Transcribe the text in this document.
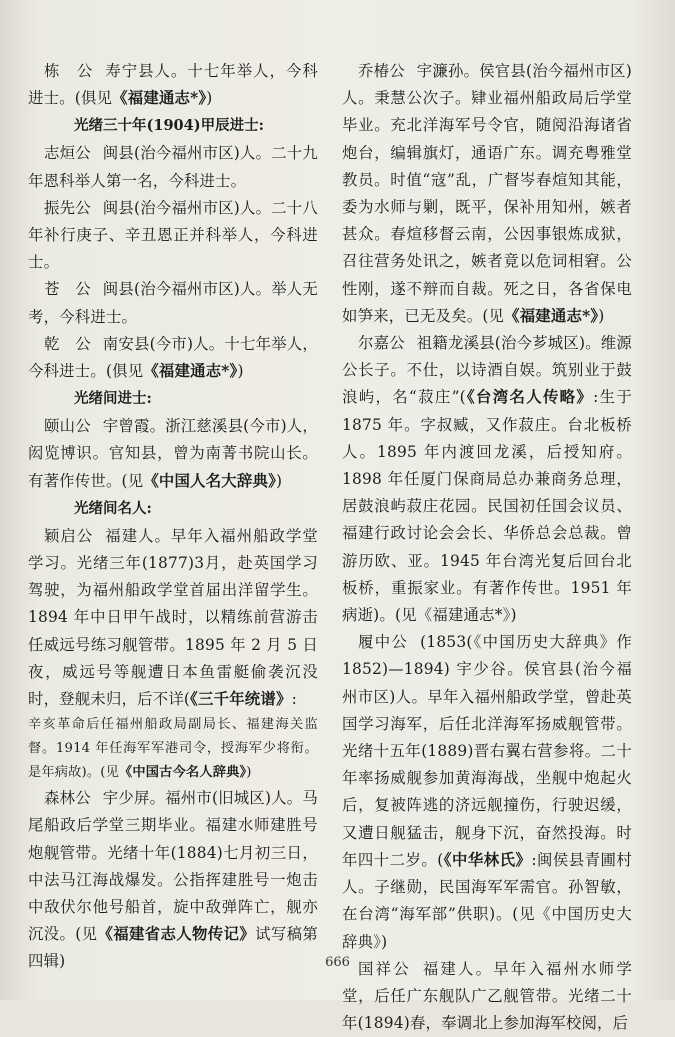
栋　公 寿宁县人。十七年举人，今科进士。(俱见《福建通志*》)

光绪三十年(1904)甲辰进士:

志烜公 闽县(治今福州市区)人。二十九年恩科举人第一名，今科进士。

振先公 闽县(治今福州市区)人。二十八年补行庚子、辛丑恩正并科举人，今科进士。

苍　公 闽县(治今福州市区)人。举人无考，今科进士。

乾　公 南安县(今市)人。十七年举人，今科进士。(俱见《福建通志*》)

光绪间进士:

颐山公 宇曾霞。浙江慈溪县(今市)人，闳览博识。官知县，曾为南菁书院山长。有著作传世。(见《中国人名大辞典》)

光绪间名人:

颖启公 福建人。早年入福州船政学堂学习。光绪三年(1877)3月，赴英国学习驾驶，为福州船政学堂首届出洋留学生。1894 年中日甲午战时，以精练前营游击任威远号练习舰管带。1895 年 2 月 5 日夜，威远号等舰遭日本鱼雷艇偷袭沉没时，登舰未归，后不详(《三千年统谱》:

辛亥革命后任福州船政局副局长、福建海关监督。1914 年任海军军港司令，授海军少将衔。是年病故)。(见《中国古今名人辞典》)

森林公 宇少屏。福州市(旧城区)人。马尾船政后学堂三期毕业。福建水师建胜号炮舰管带。光绪十年(1884)七月初三日，中法马江海战爆发。公指挥建胜号一炮击中敌伏尔他号船首，旋中敌弹阵亡，舰亦沉没。(见《福建省志人物传记》试写稿第四辑)

乔椿公 宇濂孙。侯官县(治今福州市区)人。秉慧公次子。肄业福州船政局后学堂毕业。充北洋海军号令官，随阅沿海诸省炮台，编辑旗灯，通语广东。调充粤雅堂教员。时值“寇”乱，广督岑春煊知其能，委为水师与剿，既平，保补用知州，嫉者甚众。春煊移督云南，公因事银炼成狱，召往营务处讯之，嫉者竟以危词相窘。公性刚，遂不辩而自裁。死之日，各省保电如笋来，已无及矣。(见《福建通志*》)

尔嘉公 祖籍龙溪县(治今芗城区)。维源公长子。不仕，以诗酒自娱。筑别业于鼓浪屿，名“菽庄”(《台湾名人传略》:生于 1875 年。字叔臧，又作菽庄。台北板桥人。1895 年内渡回龙溪，后授知府。1898 年任厦门保商局总办兼商务总理，居鼓浪屿菽庄花园。民国初任国会议员、福建行政讨论会会长、华侨总会总裁。曾游历欧、亚。1945 年台湾光复后回台北板桥，重振家业。有著作传世。1951 年病逝)。(见《福建通志*》)

履中公 (1853(《中国历史大辞典》作 1852)—1894) 宇少谷。侯官县(治今福州市区)人。早年入福州船政学堂，曾赴英国学习海军，后任北洋海军扬威舰管带。光绪十五年(1889)晋右翼右营参将。二十年率扬威舰参加黄海海战，坐舰中炮起火后，复被阵逃的济远舰撞伤，行驶迟缓，又遭日舰猛击，舰身下沉，奋然投海。时年四十二岁。(《中华林氏》:闽侯县青圃村人。子继勋，民国海军军需官。孙智敏，在台湾“海军部”供职)。(见《中国历史大辞典》)

国祥公 福建人。早年入福州水师学堂，后任广东舰队广乙舰管带。光绪二十年(1894)春，奉调北上参加海军校阅，后

666
